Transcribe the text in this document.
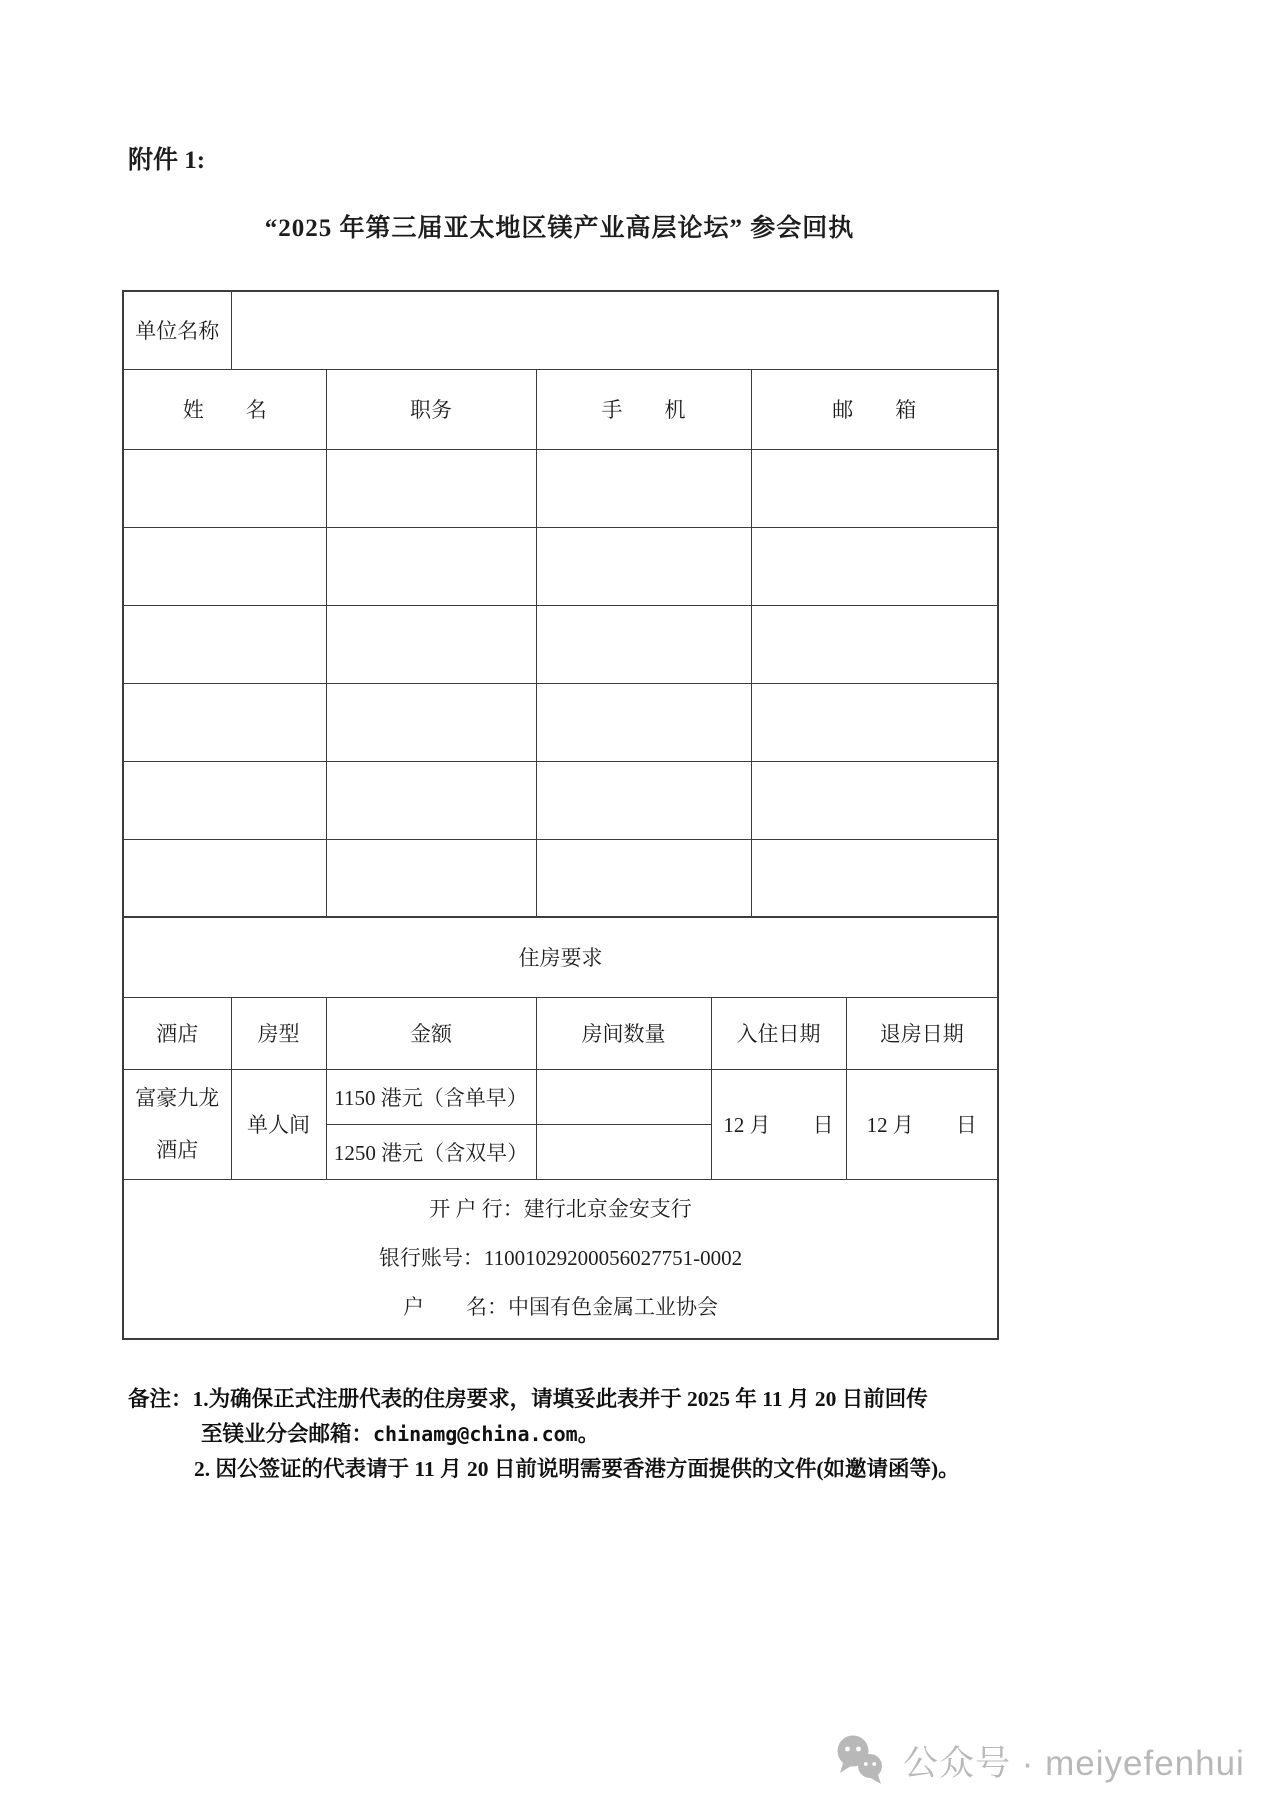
附件 1:
“2025 年第三届亚太地区镁产业高层论坛” 参会回执
单位名称						
姓　　名		职务	手　　机		邮　　箱	

住房要求						
酒店	房型	金额	房间数量	入住日期		退房日期

富豪九龙
酒店	单人间	1150 港元（含单早）		12 月　　日		12 月　　日
		1250 港元（含双早）				

开 户 行：建行北京金安支行
银行账号：11001029200056027751-0002
户　　名：中国有色金属工业协会						
备注：1.为确保正式注册代表的住房要求，请填妥此表并于 2025 年 11 月 20 日前回传
至镁业分会邮箱：chinamg@china.com。
2. 因公签证的代表请于 11 月 20 日前说明需要香港方面提供的文件(如邀请函等)。
公众号 · meiyefenhui
